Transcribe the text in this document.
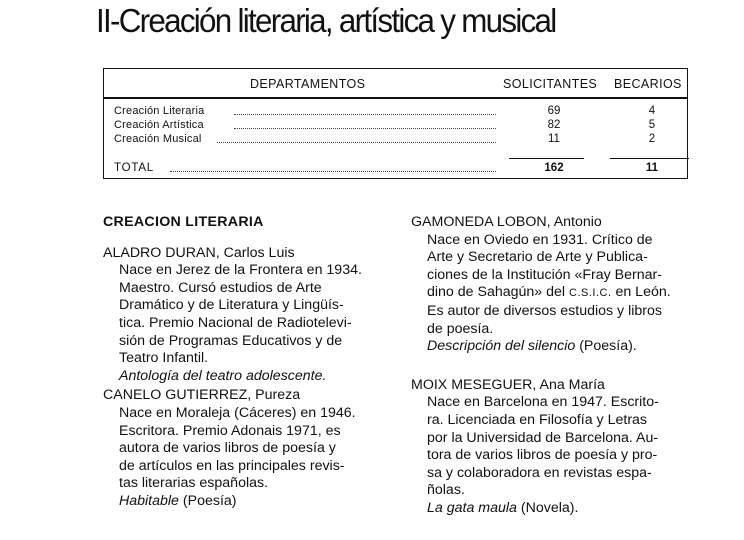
II-Creación literaria, artística y musical
DEPARTAMENTOS	SOLICITANTES BECARIOS
Creación Literaria	69	4
Creación Artística	82	5
Creación Musical	11	2
TOTAL	162	11
CREACION LITERARIA
ALADRO DURAN, Carlos Luis
Nace en Jerez de la Frontera en 1934.
Maestro. Cursó estudios de Arte
Dramático y de Literatura y Lingüís-
tica. Premio Nacional de Radiotelevi-
sión de Programas Educativos y de
Teatro Infantil.
Antología del teatro adolescente.
CANELO GUTIERREZ, Pureza
Nace en Moraleja (Cáceres) en 1946.
Escritora. Premio Adonais 1971, es
autora de varios libros de poesía y
de artículos en las principales revis-
tas literarias españolas.
Habitable (Poesía)
GAMONEDA LOBON, Antonio
Nace en Oviedo en 1931. Crítico de
Arte y Secretario de Arte y Publica-
ciones de la Institución «Fray Bernar-
dino de Sahagún» del C.S.I.C. en León.
Es autor de diversos estudios y libros
de poesía.
Descripción del silencio (Poesía).
MOIX MESEGUER, Ana María
Nace en Barcelona en 1947. Escrito-
ra. Licenciada en Filosofía y Letras
por la Universidad de Barcelona. Au-
tora de varios libros de poesía y pro-
sa y colaboradora en revistas espa-
ñolas.
La gata maula (Novela).
